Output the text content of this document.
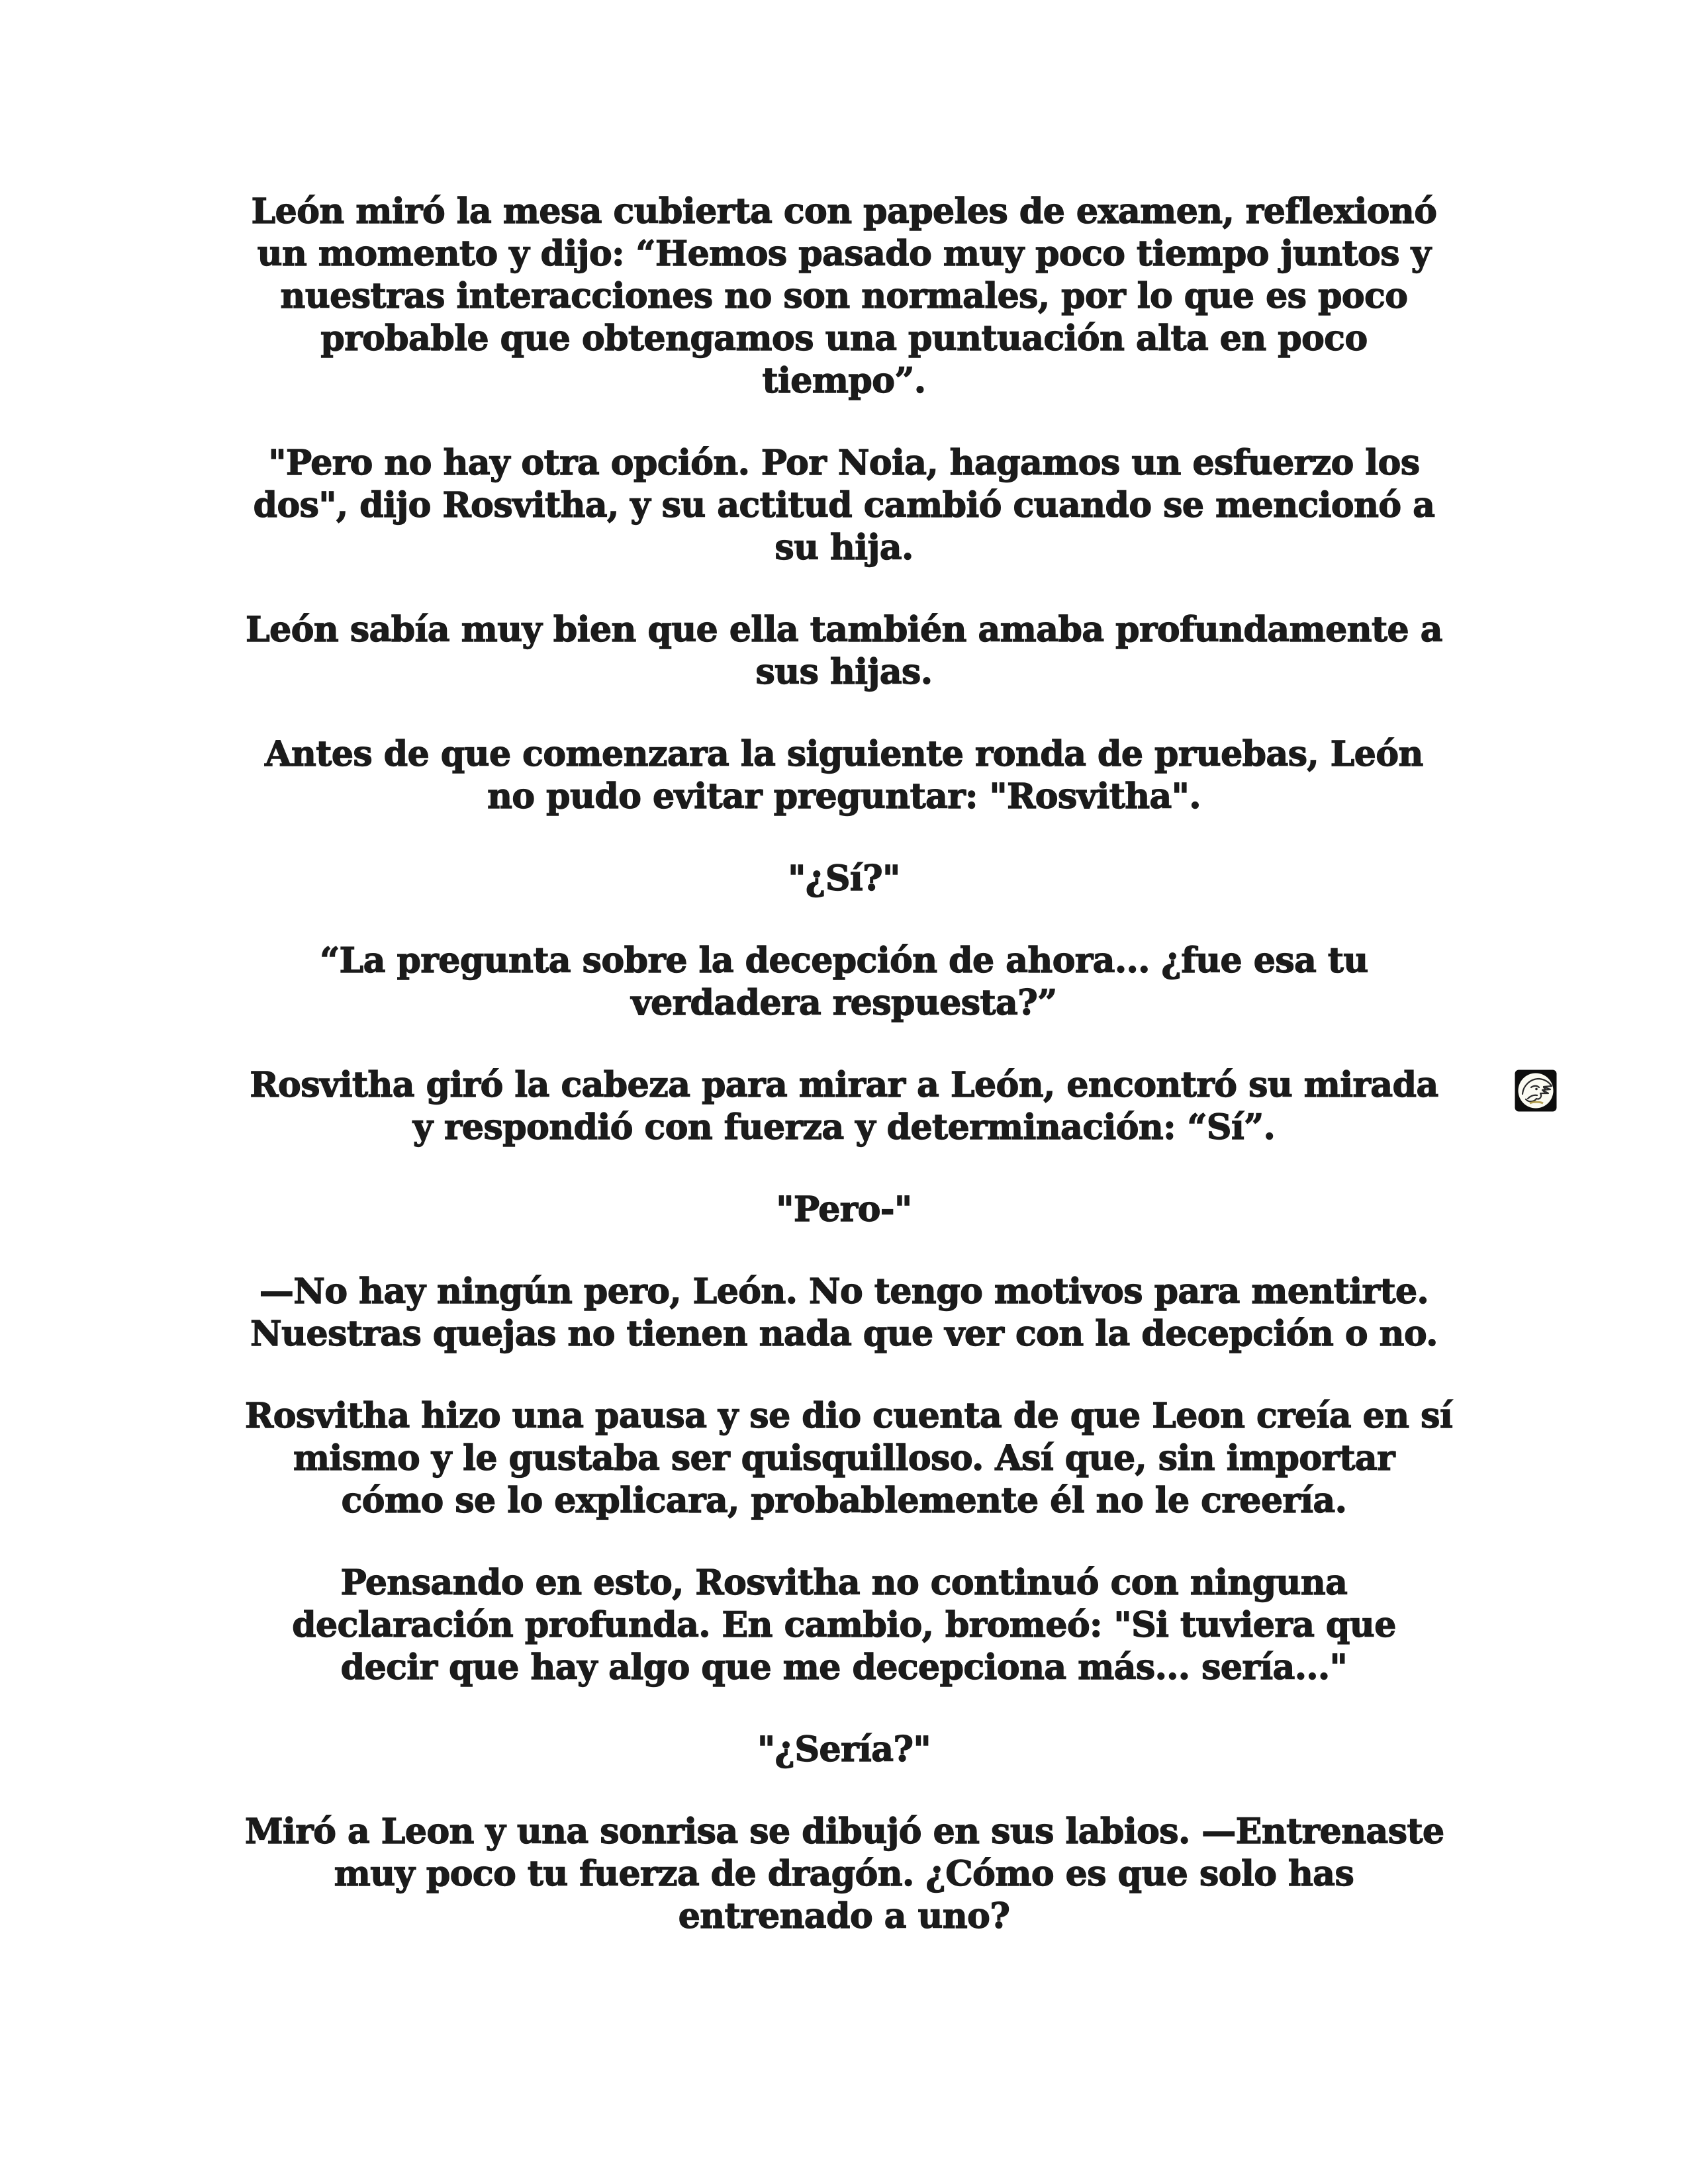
León miró la mesa cubierta con papeles de examen, reflexionó
un momento y dijo: “Hemos pasado muy poco tiempo juntos y
nuestras interacciones no son normales, por lo que es poco
probable que obtengamos una puntuación alta en poco
tiempo”.

"Pero no hay otra opción. Por Noia, hagamos un esfuerzo los
dos", dijo Rosvitha, y su actitud cambió cuando se mencionó a
su hija.

León sabía muy bien que ella también amaba profundamente a
sus hijas.

Antes de que comenzara la siguiente ronda de pruebas, León
no pudo evitar preguntar: "Rosvitha".

"¿Sí?"

“La pregunta sobre la decepción de ahora... ¿fue esa tu
verdadera respuesta?”

Rosvitha giró la cabeza para mirar a León, encontró su mirada
y respondió con fuerza y determinación: “Sí”.

"Pero-"

—No hay ningún pero, León. No tengo motivos para mentirte.
Nuestras quejas no tienen nada que ver con la decepción o no.

Rosvitha hizo una pausa y se dio cuenta de que Leon creía en sí
mismo y le gustaba ser quisquilloso. Así que, sin importar
cómo se lo explicara, probablemente él no le creería.

Pensando en esto, Rosvitha no continuó con ninguna
declaración profunda. En cambio, bromeó: "Si tuviera que
decir que hay algo que me decepciona más... sería..."

"¿Sería?"

Miró a Leon y una sonrisa se dibujó en sus labios. —Entrenaste
muy poco tu fuerza de dragón. ¿Cómo es que solo has
entrenado a uno?
